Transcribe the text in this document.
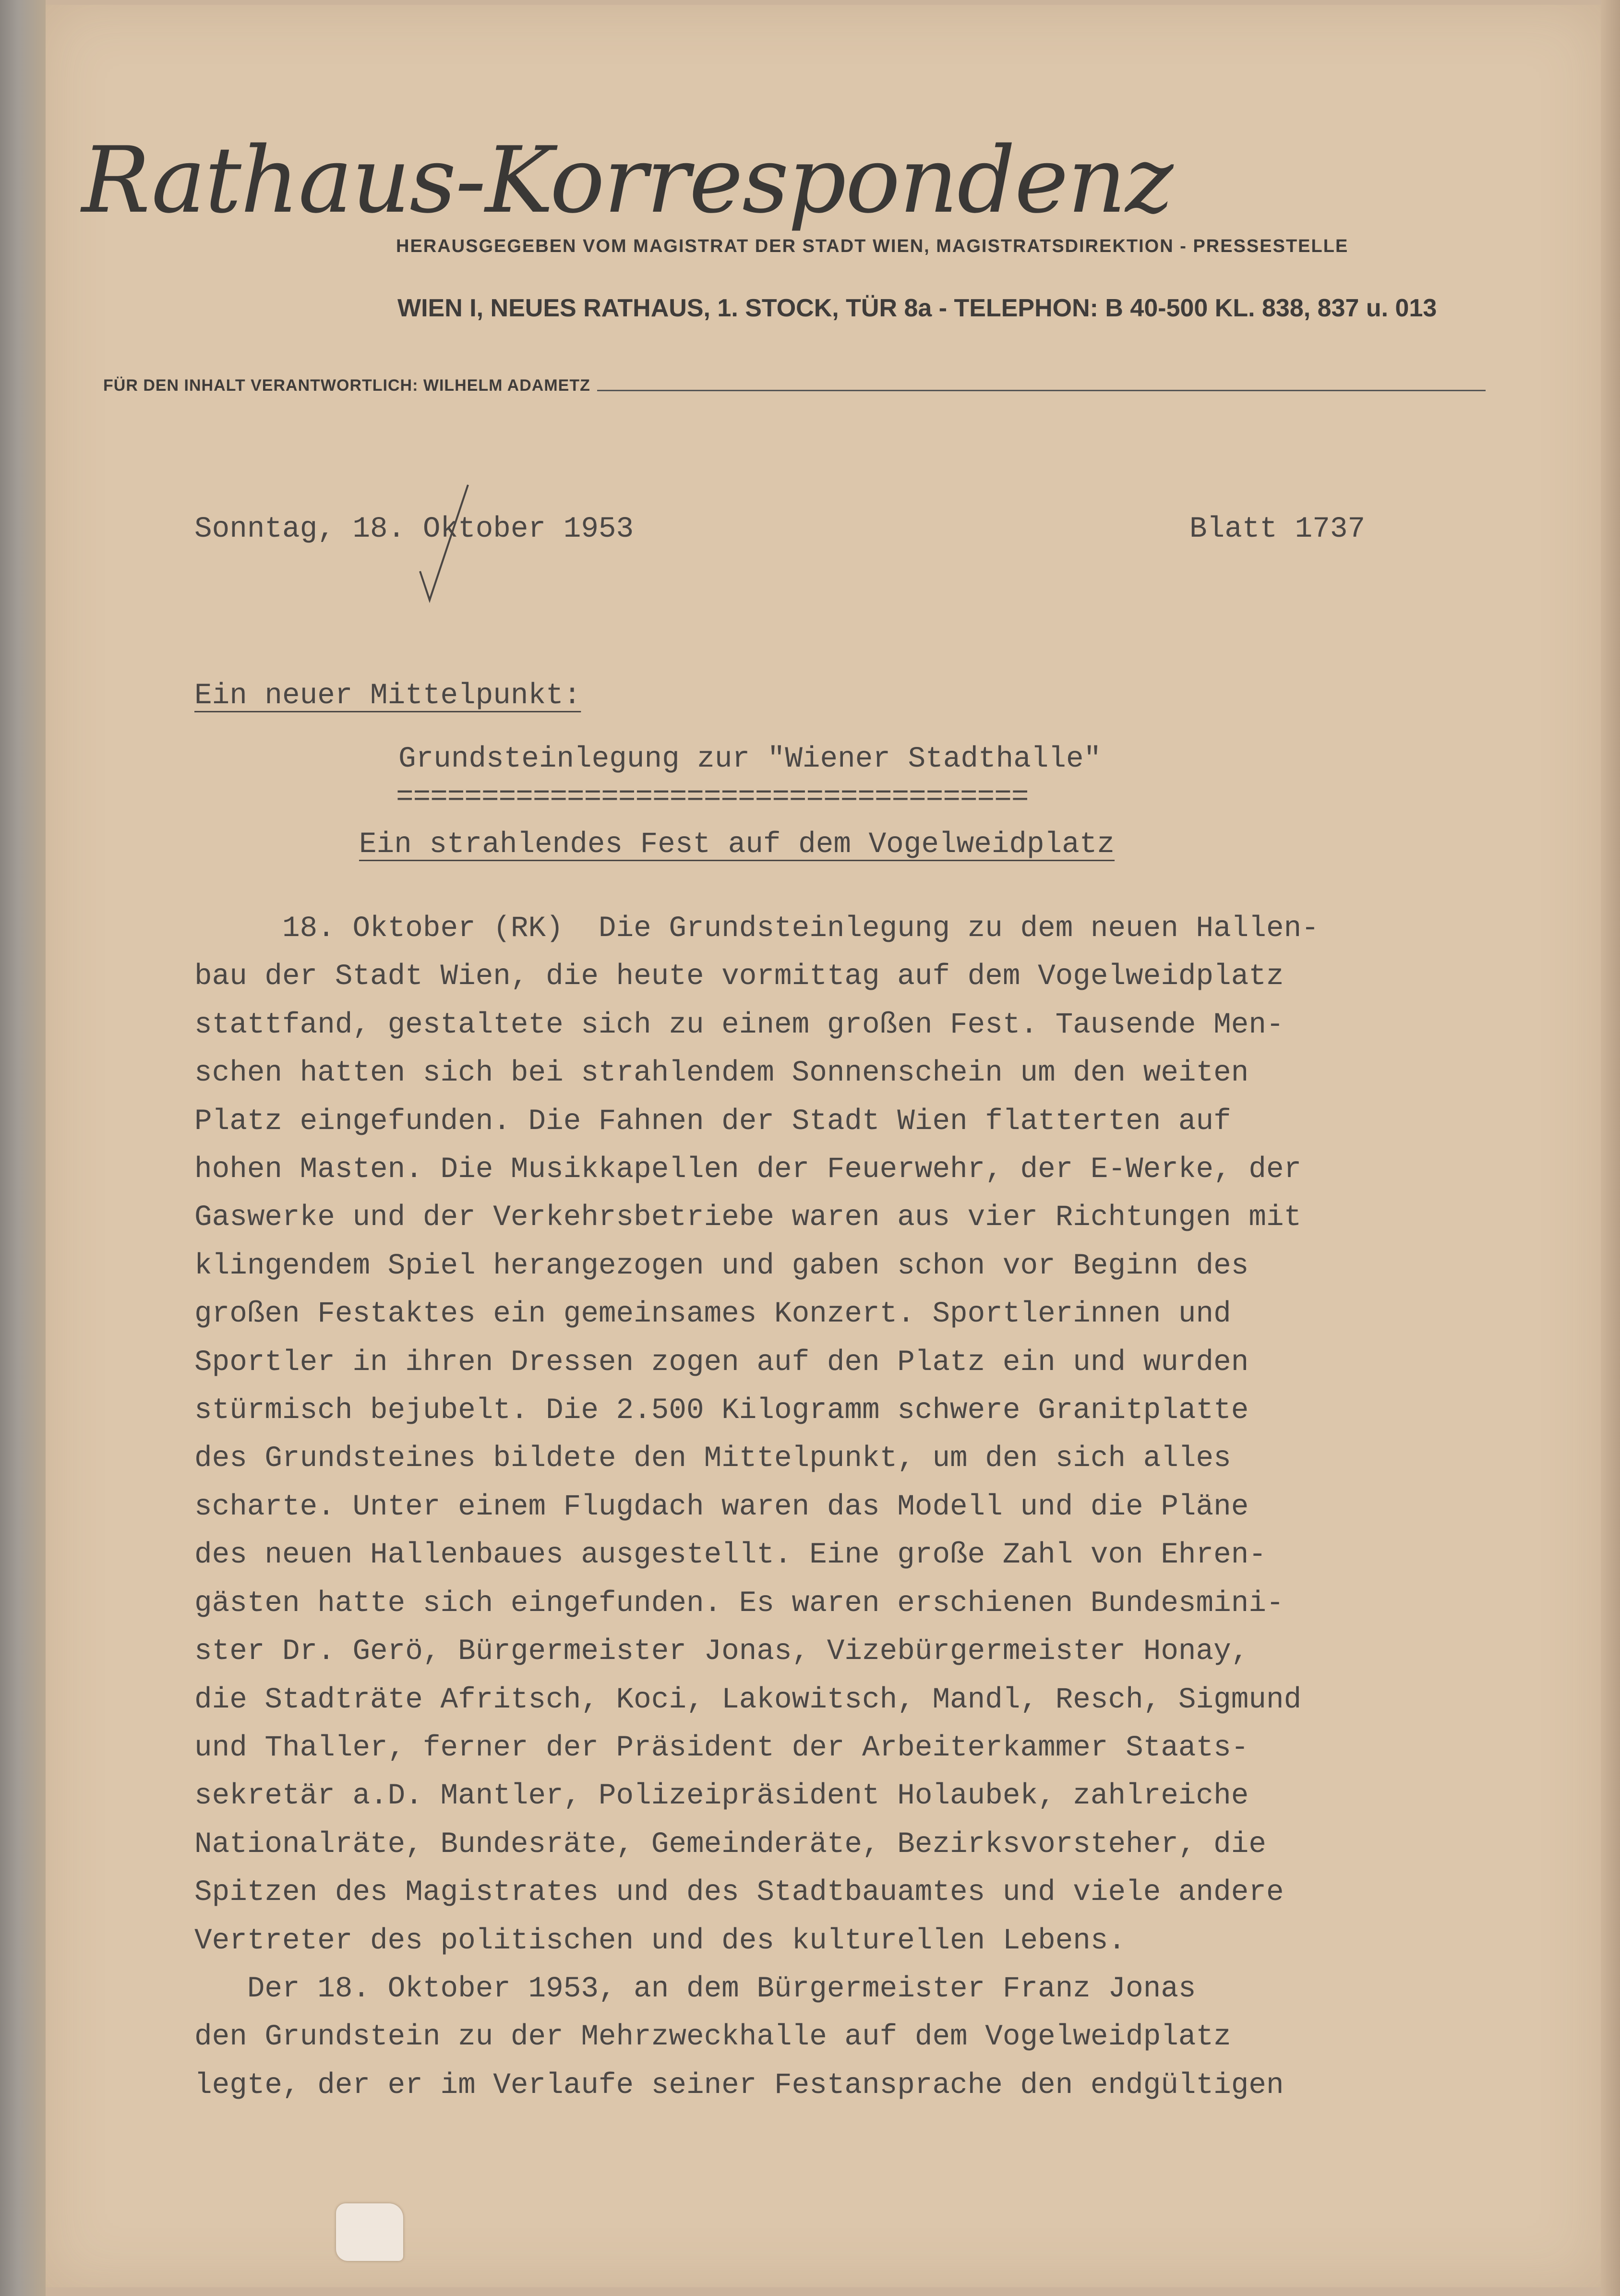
Rathaus-Korrespondenz

HERAUSGEGEBEN VOM MAGISTRAT DER STADT WIEN, MAGISTRATSDIREKTION - PRESSESTELLE

WIEN I, NEUES RATHAUS, 1. STOCK, TÜR 8a - TELEPHON: B 40-500 KL. 838, 837 u. 013

FÜR DEN INHALT VERANTWORTLICH: WILHELM ADAMETZ

Sonntag, 18. Oktober 1953	Blatt 1737

Ein neuer Mittelpunkt:

Grundsteinlegung zur "Wiener Stadthalle"

=====================================

Ein strahlendes Fest auf dem Vogelweidplatz

18. Oktober (RK)  Die Grundsteinlegung zu dem neuen Hallen-
bau der Stadt Wien, die heute vormittag auf dem Vogelweidplatz
stattfand, gestaltete sich zu einem großen Fest. Tausende Men-
schen hatten sich bei strahlendem Sonnenschein um den weiten
Platz eingefunden. Die Fahnen der Stadt Wien flatterten auf
hohen Masten. Die Musikkapellen der Feuerwehr, der E-Werke, der
Gaswerke und der Verkehrsbetriebe waren aus vier Richtungen mit
klingendem Spiel herangezogen und gaben schon vor Beginn des
großen Festaktes ein gemeinsames Konzert. Sportlerinnen und
Sportler in ihren Dressen zogen auf den Platz ein und wurden
stürmisch bejubelt. Die 2.500 Kilogramm schwere Granitplatte
des Grundsteines bildete den Mittelpunkt, um den sich alles
scharte. Unter einem Flugdach waren das Modell und die Pläne
des neuen Hallenbaues ausgestellt. Eine große Zahl von Ehren-
gästen hatte sich eingefunden. Es waren erschienen Bundesmini-
ster Dr. Gerö, Bürgermeister Jonas, Vizebürgermeister Honay,
die Stadträte Afritsch, Koci, Lakowitsch, Mandl, Resch, Sigmund
und Thaller, ferner der Präsident der Arbeiterkammer Staats-
sekretär a.D. Mantler, Polizeipräsident Holaubek, zahlreiche
Nationalräte, Bundesräte, Gemeinderäte, Bezirksvorsteher, die
Spitzen des Magistrates und des Stadtbauamtes und viele andere
Vertreter des politischen und des kulturellen Lebens.
Der 18. Oktober 1953, an dem Bürgermeister Franz Jonas
den Grundstein zu der Mehrzweckhalle auf dem Vogelweidplatz
legte, der er im Verlaufe seiner Festansprache den endgültigen
